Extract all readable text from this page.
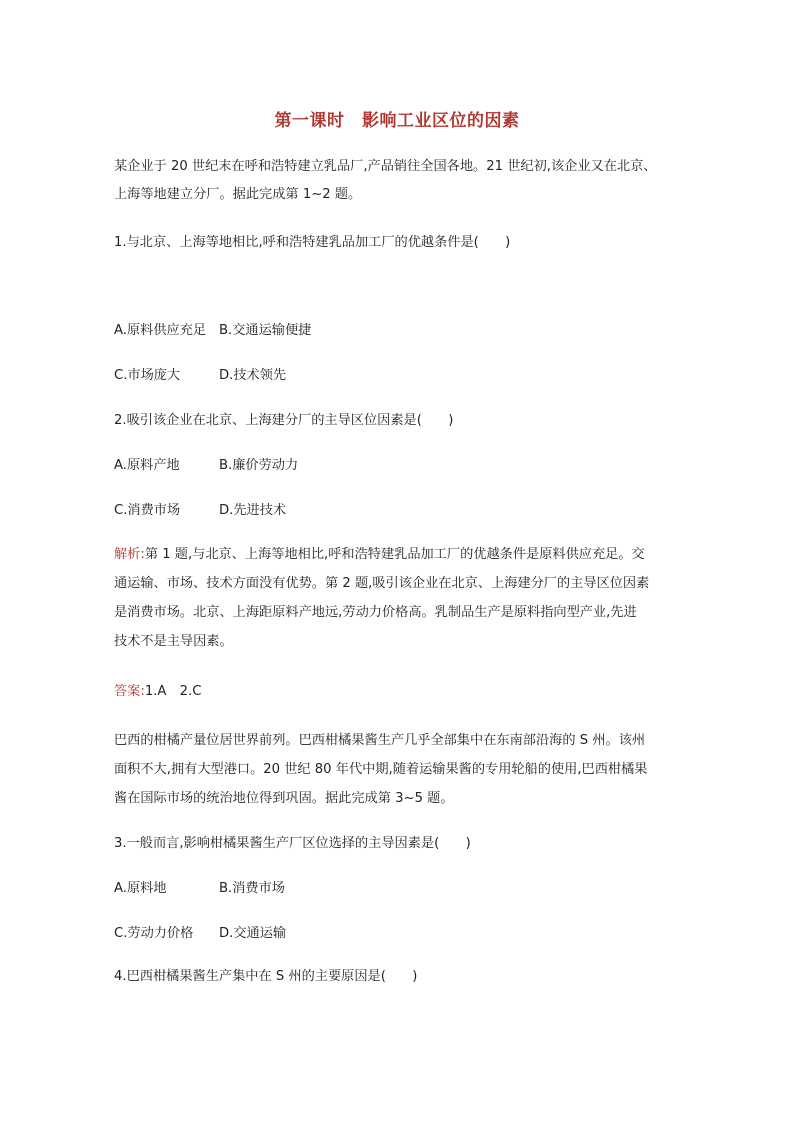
第一课时　影响工业区位的因素
某企业于 20 世纪末在呼和浩特建立乳品厂,产品销往全国各地。21 世纪初,该企业又在北京、
上海等地建立分厂。据此完成第 1~2 题。
1.与北京、上海等地相比,呼和浩特建乳品加工厂的优越条件是(　　)
A.原料供应充足 B.交通运输便捷
C.市场庞大	D.技术领先
2.吸引该企业在北京、上海建分厂的主导区位因素是(　　)
A.原料产地	B.廉价劳动力
C.消费市场	D.先进技术
解析:第 1 题,与北京、上海等地相比,呼和浩特建乳品加工厂的优越条件是原料供应充足。交
通运输、市场、技术方面没有优势。第 2 题,吸引该企业在北京、上海建分厂的主导区位因素
是消费市场。北京、上海距原料产地远,劳动力价格高。乳制品生产是原料指向型产业,先进
技术不是主导因素。
答案:1.A　2.C
巴西的柑橘产量位居世界前列。巴西柑橘果酱生产几乎全部集中在东南部沿海的 S 州。该州
面积不大,拥有大型港口。20 世纪 80 年代中期,随着运输果酱的专用轮船的使用,巴西柑橘果
酱在国际市场的统治地位得到巩固。据此完成第 3~5 题。
3.一般而言,影响柑橘果酱生产厂区位选择的主导因素是(　　)
A.原料地	B.消费市场
C.劳动力价格 D.交通运输
4.巴西柑橘果酱生产集中在 S 州的主要原因是(　　)
